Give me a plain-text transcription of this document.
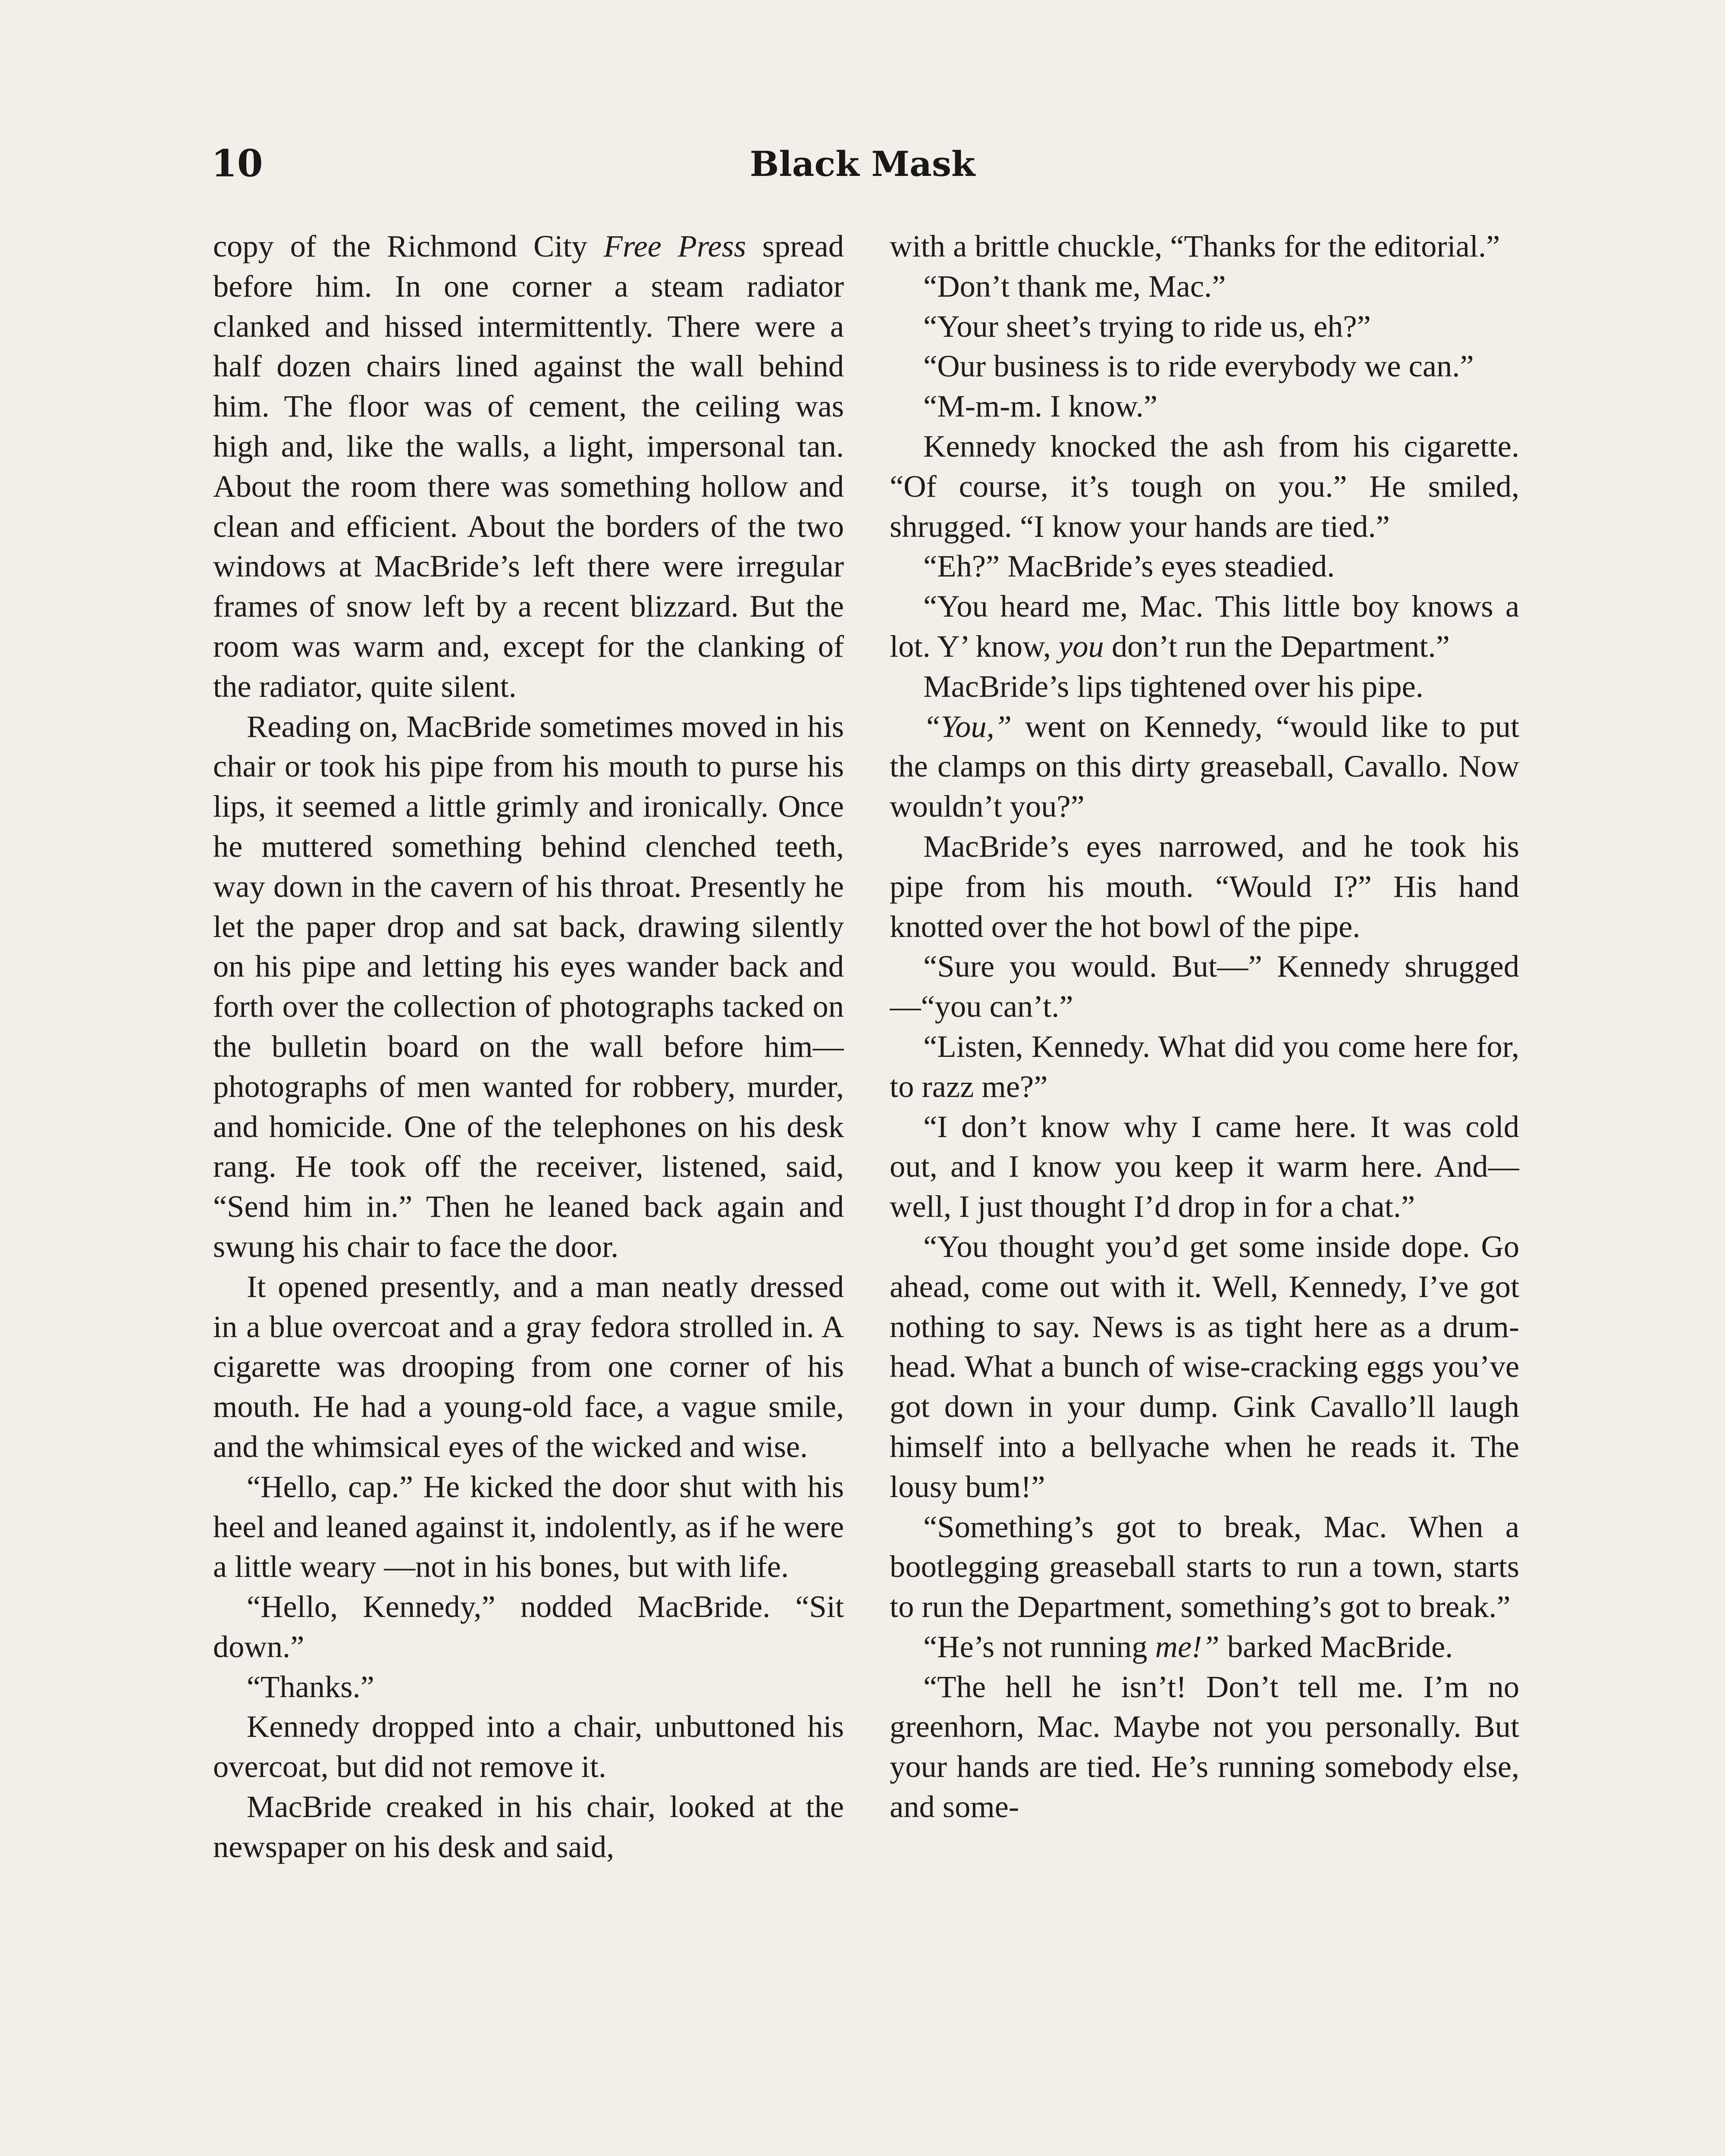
10	Black Mask

copy of the Richmond City Free Press spread before him. In one corner a steam radiator clanked and hissed intermittently. There were a half dozen chairs lined against the wall behind him. The floor was of cement, the ceiling was high and, like the walls, a light, impersonal tan. About the room there was something hollow and clean and efficient. About the borders of the two windows at MacBride’s left there were irregular frames of snow left by a recent blizzard. But the room was warm and, except for the clanking of the radiator, quite silent.

Reading on, MacBride sometimes moved in his chair or took his pipe from his mouth to purse his lips, it seemed a little grimly and ironically. Once he muttered something behind clenched teeth, way down in the cavern of his throat. Presently he let the paper drop and sat back, drawing silently on his pipe and letting his eyes wander back and forth over the collection of photographs tacked on the bulletin board on the wall before him—photographs of men wanted for robbery, murder, and homicide. One of the telephones on his desk rang. He took off the receiver, listened, said, “Send him in.” Then he leaned back again and swung his chair to face the door.

It opened presently, and a man neatly dressed in a blue overcoat and a gray fedora strolled in. A cigarette was drooping from one corner of his mouth. He had a young-old face, a vague smile, and the whimsical eyes of the wicked and wise.

“Hello, cap.” He kicked the door shut with his heel and leaned against it, indolently, as if he were a little weary —not in his bones, but with life.

“Hello, Kennedy,” nodded MacBride. “Sit down.”

“Thanks.”

Kennedy dropped into a chair, unbuttoned his overcoat, but did not remove it.

MacBride creaked in his chair, looked at the newspaper on his desk and said,

with a brittle chuckle, “Thanks for the editorial.”

“Don’t thank me, Mac.”

“Your sheet’s trying to ride us, eh?”

“Our business is to ride everybody we can.”

“M-m-m. I know.”

Kennedy knocked the ash from his cigarette. “Of course, it’s tough on you.” He smiled, shrugged. “I know your hands are tied.”

“Eh?” MacBride’s eyes steadied.

“You heard me, Mac. This little boy knows a lot. Y’ know, you don’t run the Department.”

MacBride’s lips tightened over his pipe.

“You,” went on Kennedy, “would like to put the clamps on this dirty greaseball, Cavallo. Now wouldn’t you?”

MacBride’s eyes narrowed, and he took his pipe from his mouth. “Would I?” His hand knotted over the hot bowl of the pipe.

“Sure you would. But—” Kennedy shrugged—“you can’t.”

“Listen, Kennedy. What did you come here for, to razz me?”

“I don’t know why I came here. It was cold out, and I know you keep it warm here. And—well, I just thought I’d drop in for a chat.”

“You thought you’d get some inside dope. Go ahead, come out with it. Well, Kennedy, I’ve got nothing to say. News is as tight here as a drumhead. What a bunch of wise-cracking eggs you’ve got down in your dump. Gink Cavallo’ll laugh himself into a bellyache when he reads it. The lousy bum!”

“Something’s got to break, Mac. When a bootlegging greaseball starts to run a town, starts to run the Department, something’s got to break.”

“He’s not running me!” barked MacBride.

“The hell he isn’t! Don’t tell me. I’m no greenhorn, Mac. Maybe not you personally. But your hands are tied. He’s running somebody else, and some-
